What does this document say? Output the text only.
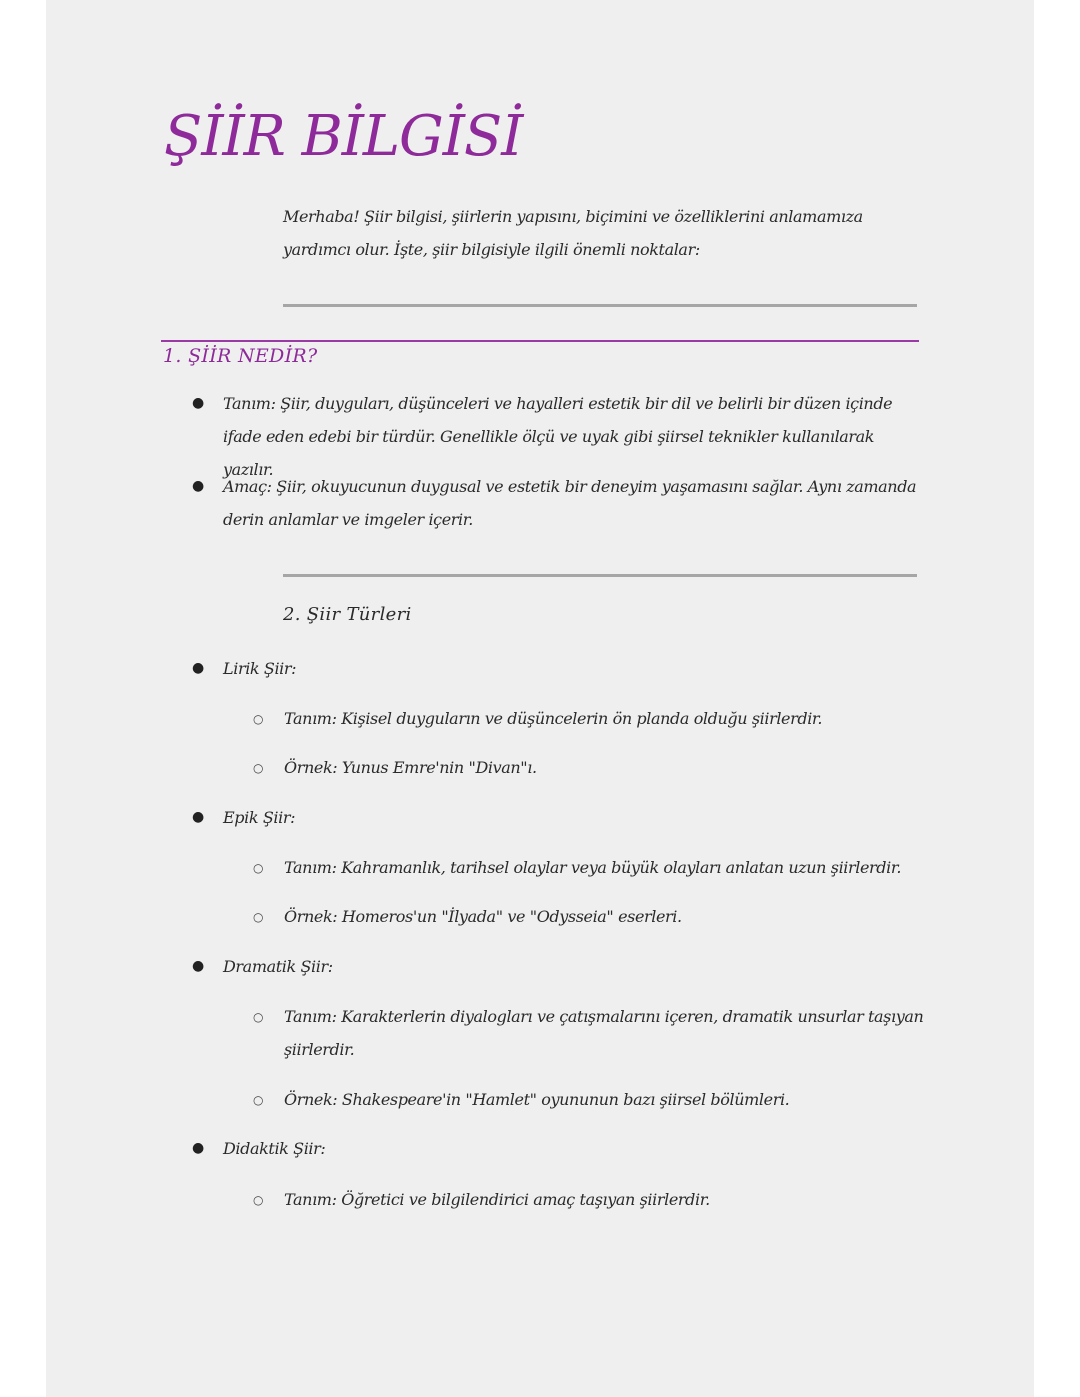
ŞİİR BİLGİSİ

Merhaba! Şiir bilgisi, şiirlerin yapısını, biçimini ve özelliklerini anlamamıza yardımcı olur. İşte, şiir bilgisiyle ilgili önemli noktalar:

1. ŞİİR NEDİR?
● Tanım: Şiir, duyguları, düşünceleri ve hayalleri estetik bir dil ve belirli bir düzen içinde ifade eden edebi bir türdür. Genellikle ölçü ve uyak gibi şiirsel teknikler kullanılarak yazılır.
● Amaç: Şiir, okuyucunun duygusal ve estetik bir deneyim yaşamasını sağlar. Aynı zamanda derin anlamlar ve imgeler içerir.
2. Şiir Türleri
● Lirik Şiir:
○ Tanım: Kişisel duyguların ve düşüncelerin ön planda olduğu şiirlerdir.
○ Örnek: Yunus Emre'nin "Divan"ı.
● Epik Şiir:
○ Tanım: Kahramanlık, tarihsel olaylar veya büyük olayları anlatan uzun şiirlerdir.
○ Örnek: Homeros'un "İlyada" ve "Odysseia" eserleri.
● Dramatik Şiir:
○ Tanım: Karakterlerin diyalogları ve çatışmalarını içeren, dramatik unsurlar taşıyan şiirlerdir.
○ Örnek: Shakespeare'in "Hamlet" oyununun bazı şiirsel bölümleri.
● Didaktik Şiir:
○ Tanım: Öğretici ve bilgilendirici amaç taşıyan şiirlerdir.
